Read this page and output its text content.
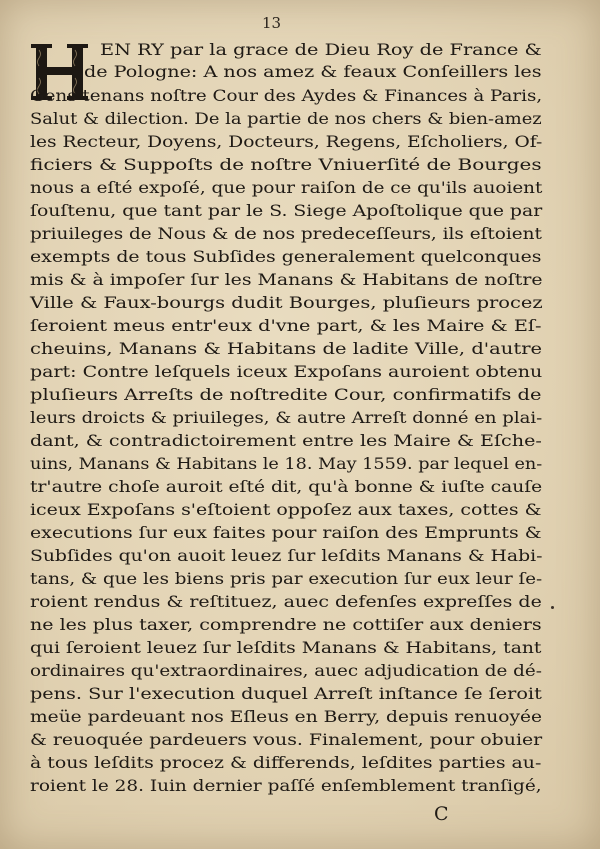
13
EN RY par la grace de Dieu Roy de France &
de Pologne: A nos amez & feaux Conſeillers les
Gens tenans noſtre Cour des Aydes & Finances à Paris,
Salut & dilection. De la partie de nos chers & bien-amez
les Recteur, Doyens, Docteurs, Regens, Eſcholiers, Of-
ficiers & Suppoſts de noſtre Vniuerſité de Bourges
nous a eſté expoſé, que pour raiſon de ce qu'ils auoient
ſouſtenu, que tant par le S. Siege Apoſtolique que par
priuileges de Nous & de nos predeceſſeurs, ils eſtoient
exempts de tous Subſides generalement quelconques
mis & à impoſer ſur les Manans & Habitans de noſtre
Ville & Faux-bourgs dudit Bourges, pluſieurs procez
ſeroient meus entr'eux d'vne part, & les Maire & Eſ-
cheuins, Manans & Habitans de ladite Ville, d'autre
part: Contre leſquels iceux Expoſans auroient obtenu
pluſieurs Arreſts de noſtredite Cour, confirmatifs de
leurs droicts & priuileges, & autre Arreſt donné en plai-
dant, & contradictoirement entre les Maire & Eſche-
uins, Manans & Habitans le 18. May 1559. par lequel en-
tr'autre choſe auroit eſté dit, qu'à bonne & iuſte cauſe
iceux Expoſans s'eſtoient oppoſez aux taxes, cottes &
executions ſur eux faites pour raiſon des Emprunts &
Subſides qu'on auoit leuez ſur leſdits Manans & Habi-
tans, & que les biens pris par execution ſur eux leur ſe-
roient rendus & reſtituez, auec defenſes expreſſes de
ne les plus taxer, comprendre ne cottiſer aux deniers
qui ſeroient leuez ſur leſdits Manans & Habitans, tant
ordinaires qu'extraordinaires, auec adjudication de dé-
pens. Sur l'execution duquel Arreſt inſtance ſe ſeroit
meüe pardeuant nos Eſleus en Berry, depuis renuoyée
& reuoquée pardeuers vous. Finalement, pour obuier
à tous leſdits procez & differends, leſdites parties au-
roient le 28. Iuin dernier paſſé enſemblement tranſigé,
C
